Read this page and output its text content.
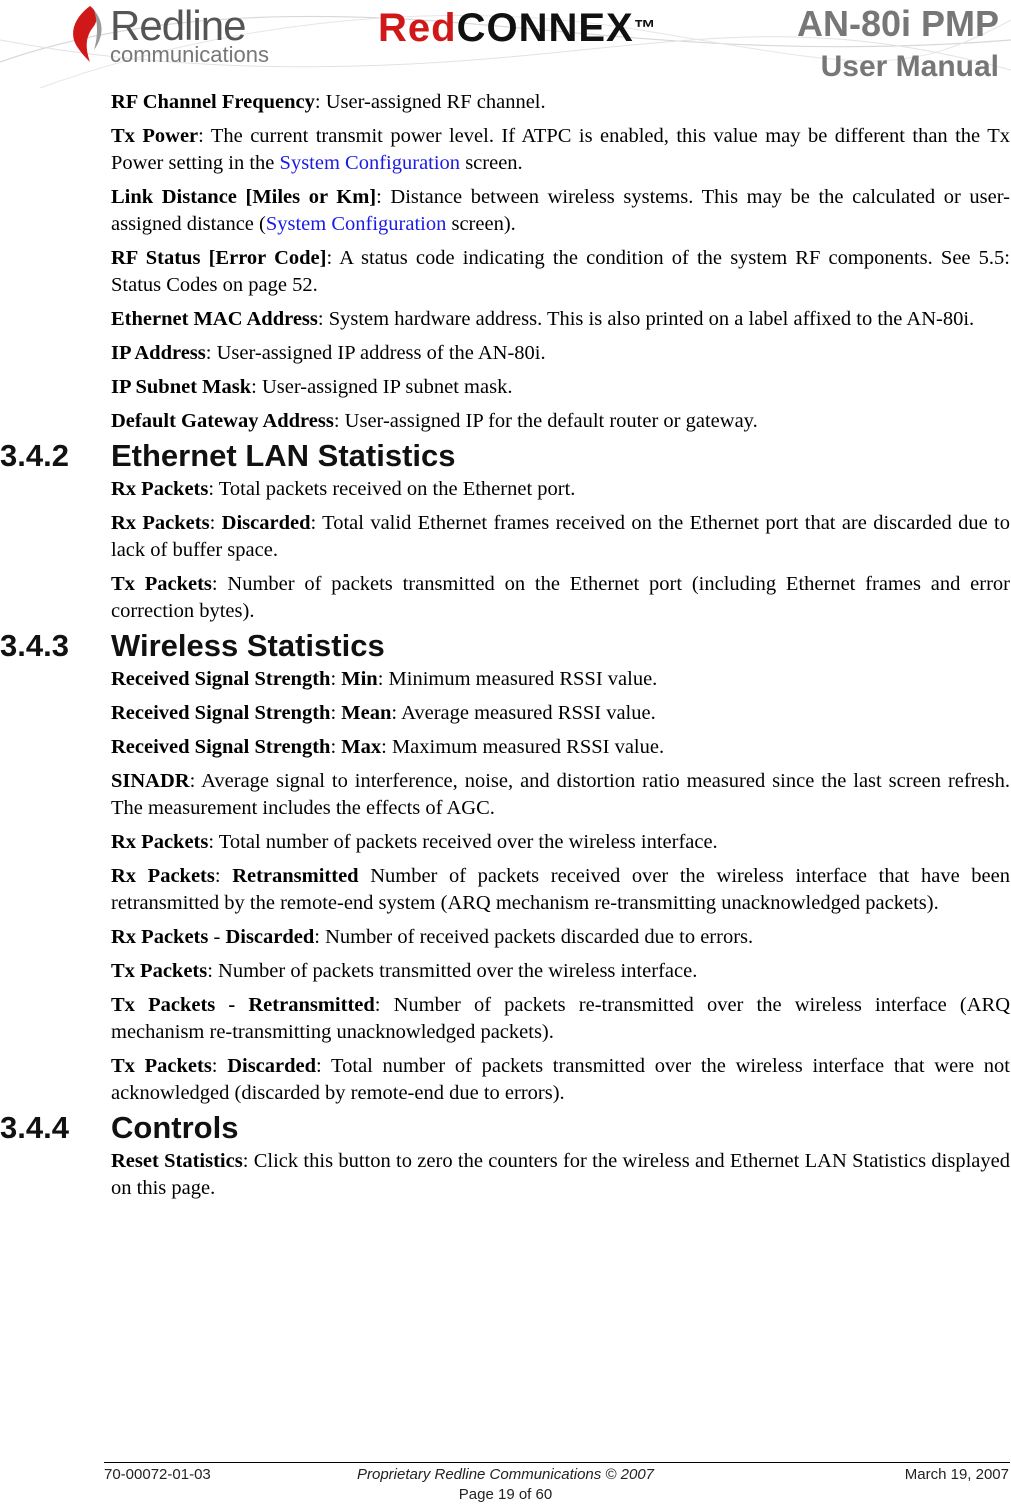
Redline
communications
RedCONNEX™	AN-80i PMP
User Manual

RF Channel Frequency: User-assigned RF channel.

Tx Power: The current transmit power level. If ATPC is enabled, this value may be different than the Tx Power setting in the System Configuration screen.

Link Distance [Miles or Km]: Distance between wireless systems. This may be the calculated or user-assigned distance (System Configuration screen).

RF Status [Error Code]: A status code indicating the condition of the system RF components. See 5.5: Status Codes on page 52.

Ethernet MAC Address: System hardware address. This is also printed on a label affixed to the AN-80i.

IP Address: User-assigned IP address of the AN-80i.

IP Subnet Mask: User-assigned IP subnet mask.

Default Gateway Address: User-assigned IP for the default router or gateway.

3.4.2 Ethernet LAN Statistics

Rx Packets: Total packets received on the Ethernet port.

Rx Packets: Discarded: Total valid Ethernet frames received on the Ethernet port that are discarded due to lack of buffer space.

Tx Packets: Number of packets transmitted on the Ethernet port (including Ethernet frames and error correction bytes).

3.4.3 Wireless Statistics

Received Signal Strength: Min: Minimum measured RSSI value.

Received Signal Strength: Mean: Average measured RSSI value.

Received Signal Strength: Max: Maximum measured RSSI value.

SINADR: Average signal to interference, noise, and distortion ratio measured since the last screen refresh. The measurement includes the effects of AGC.

Rx Packets: Total number of packets received over the wireless interface.

Rx Packets: Retransmitted Number of packets received over the wireless interface that have been retransmitted by the remote-end system (ARQ mechanism re-transmitting unacknowledged packets).

Rx Packets - Discarded: Number of received packets discarded due to errors.

Tx Packets: Number of packets transmitted over the wireless interface.

Tx Packets - Retransmitted: Number of packets re-transmitted over the wireless interface (ARQ mechanism re-transmitting unacknowledged packets).

Tx Packets: Discarded: Total number of packets transmitted over the wireless interface that were not acknowledged (discarded by remote-end due to errors).

3.4.4 Controls

Reset Statistics: Click this button to zero the counters for the wireless and Ethernet LAN Statistics displayed on this page.

70-00072-01-03	Proprietary Redline Communications © 2007	March 19, 2007
Page 19 of 60
